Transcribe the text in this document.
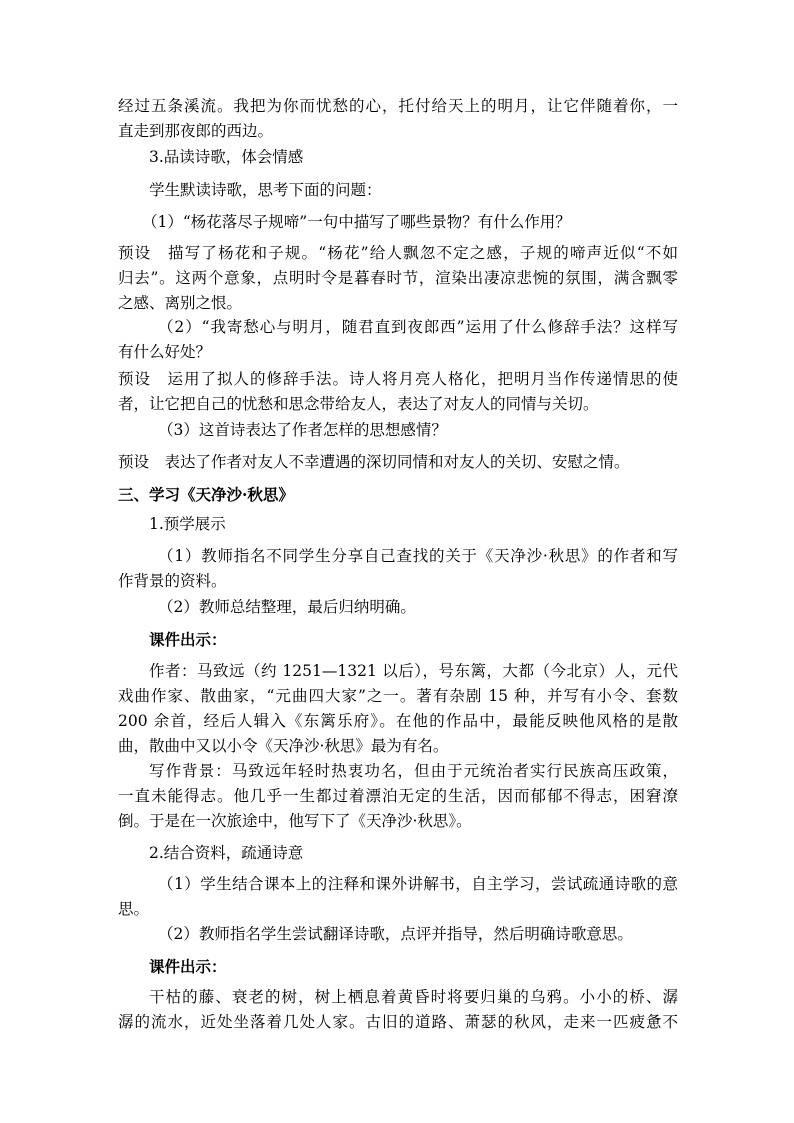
经过五条溪流。我把为你而忧愁的心，托付给天上的明月，让它伴随着你，一
直走到那夜郎的西边。
3.品读诗歌，体会情感
学生默读诗歌，思考下面的问题：
（1）“杨花落尽子规啼”一句中描写了哪些景物？有什么作用？
预设　描写了杨花和子规。“杨花”给人飘忽不定之感，子规的啼声近似“不如
归去”。这两个意象，点明时令是暮春时节，渲染出凄凉悲惋的氛围，满含飘零
之感、离别之恨。
（2）“我寄愁心与明月，随君直到夜郎西”运用了什么修辞手法？这样写
有什么好处？
预设　运用了拟人的修辞手法。诗人将月亮人格化，把明月当作传递情思的使
者，让它把自己的忧愁和思念带给友人，表达了对友人的同情与关切。
（3）这首诗表达了作者怎样的思想感情？
预设　表达了作者对友人不幸遭遇的深切同情和对友人的关切、安慰之情。
三、学习《天净沙·秋思》
1.预学展示
（1）教师指名不同学生分享自己查找的关于《天净沙·秋思》的作者和写
作背景的资料。
（2）教师总结整理，最后归纳明确。
课件出示：
作者：马致远（约 1251—1321 以后），号东篱，大都（今北京）人，元代
戏曲作家、散曲家，“元曲四大家”之一。著有杂剧 15 种，并写有小令、套数
200 余首，经后人辑入《东篱乐府》。在他的作品中，最能反映他风格的是散
曲，散曲中又以小令《天净沙·秋思》最为有名。
写作背景：马致远年轻时热衷功名，但由于元统治者实行民族高压政策，
一直未能得志。他几乎一生都过着漂泊无定的生活，因而郁郁不得志，困窘潦
倒。于是在一次旅途中，他写下了《天净沙·秋思》。
2.结合资料，疏通诗意
（1）学生结合课本上的注释和课外讲解书，自主学习，尝试疏通诗歌的意
思。
（2）教师指名学生尝试翻译诗歌，点评并指导，然后明确诗歌意思。
课件出示：
干枯的藤、衰老的树，树上栖息着黄昏时将要归巢的乌鸦。小小的桥、潺
潺的流水，近处坐落着几处人家。古旧的道路、萧瑟的秋风，走来一匹疲惫不
